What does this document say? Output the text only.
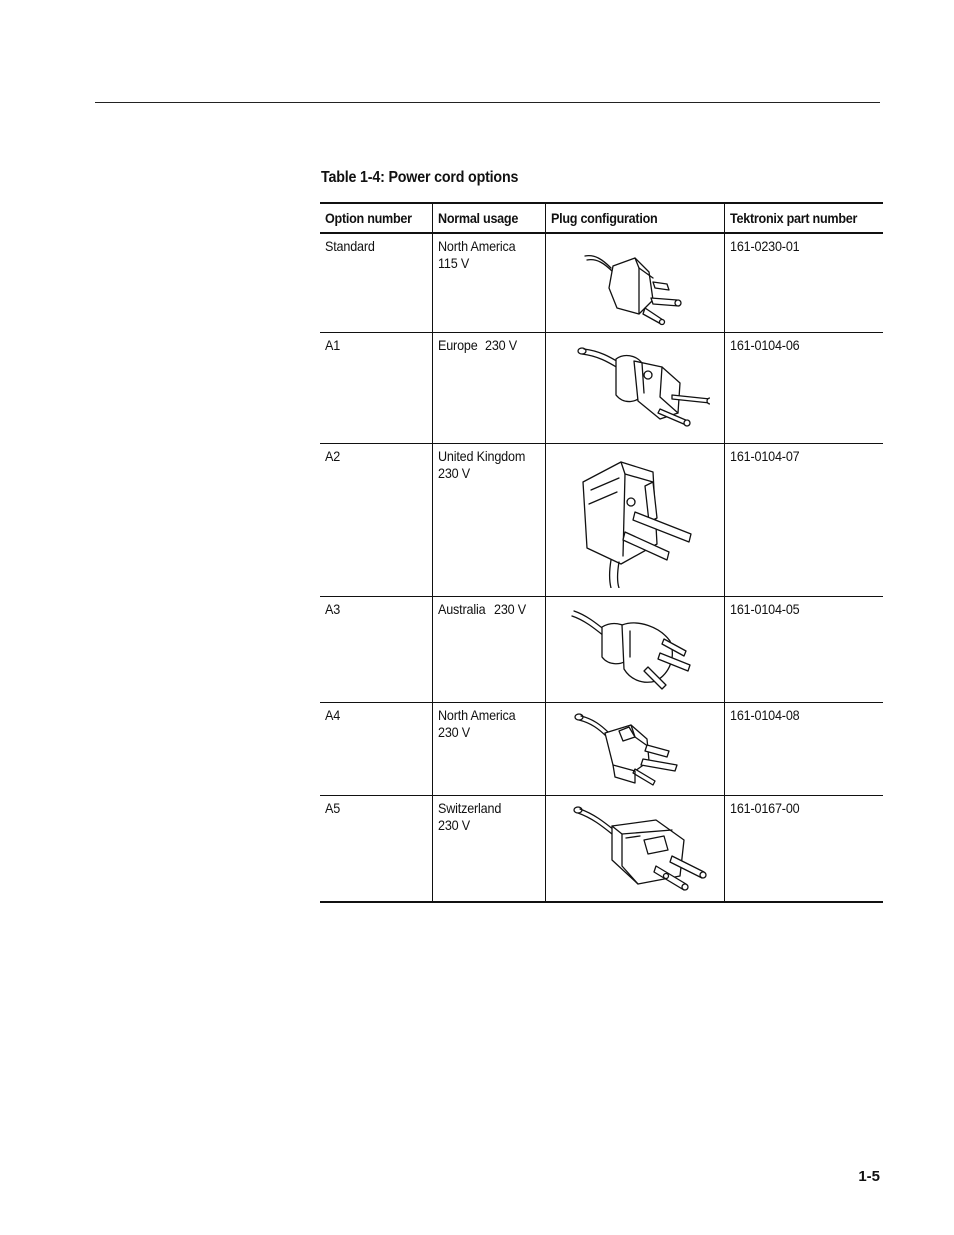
Table 1-4: Power cord options
Option number	Normal usage	Plug configuration	Tektronix part number
Standard	North America 115 V		161-0230-01
A1	Europe 230 V		161-0104-06
A2	United Kingdom 230 V		161-0104-07
A3	Australia 230 V		161-0104-05
A4	North America 230 V		161-0104-08
A5	Switzerland 230 V		161-0167-00
1-5
